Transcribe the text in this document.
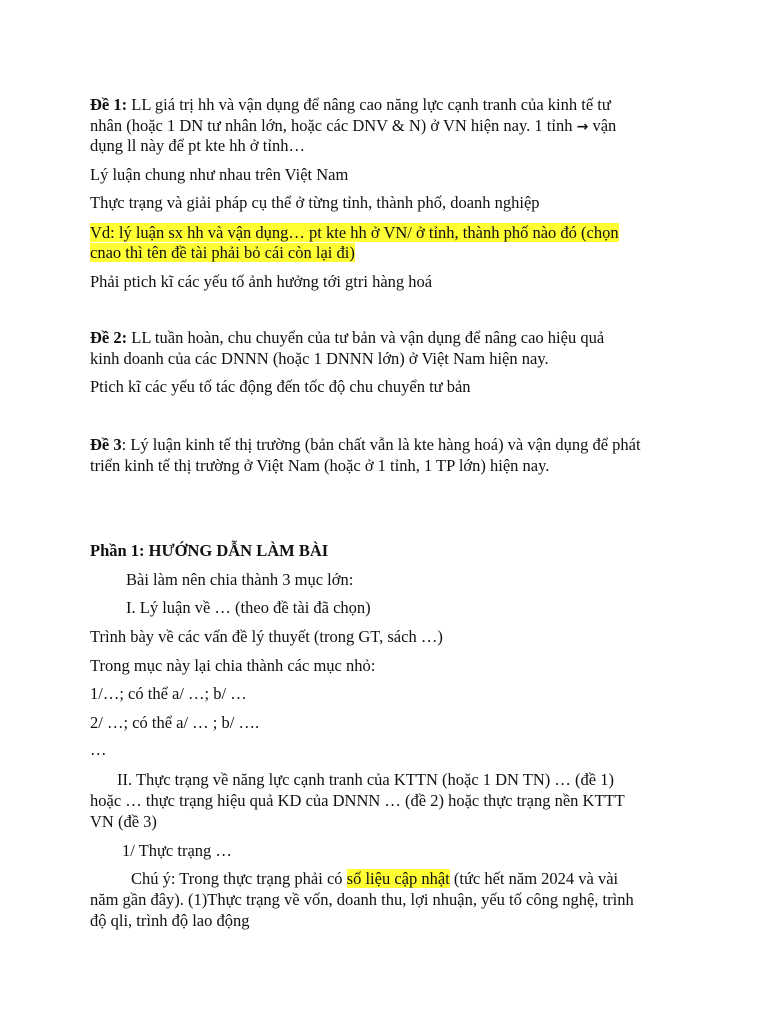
Đề 1: LL giá trị hh và vận dụng để nâng cao năng lực cạnh tranh của kinh tế tư
nhân (hoặc 1 DN tư nhân lớn, hoặc các DNV & N) ở VN hiện nay. 1 tỉnh → vận
dụng ll này để pt kte hh ở tỉnh…
Lý luận chung như nhau trên Việt Nam
Thực trạng và giải pháp cụ thể ở từng tỉnh, thành phố, doanh nghiệp
Vd: lý luận sx hh và vận dụng… pt kte hh ở VN/ ở tỉnh, thành phố nào đó (chọn
cnao thì tên đề tài phải bỏ cái còn lại đi)
Phải ptich kĩ các yếu tố ảnh hưởng tới gtri hàng hoá
Đề 2: LL tuần hoàn, chu chuyển của tư bản và vận dụng để nâng cao hiệu quả
kinh doanh của các DNNN (hoặc 1 DNNN lớn) ở Việt Nam hiện nay.
Ptich kĩ các yếu tố tác động đến tốc độ chu chuyển tư bản
Đề 3: Lý luận kinh tế thị trường (bản chất vẫn là kte hàng hoá) và vận dụng để phát
triển kinh tế thị trường ở Việt Nam (hoặc ở 1 tỉnh, 1 TP lớn) hiện nay.
Phần 1: HƯỚNG DẪN LÀM BÀI
Bài làm nên chia thành 3 mục lớn:
I. Lý luận về … (theo đề tài đã chọn)
Trình bày về các vấn đề lý thuyết (trong GT, sách …)
Trong mục này lại chia thành các mục nhỏ:
1/…; có thể a/ …; b/ …
2/ …; có thể a/ … ; b/ ….
…
II. Thực trạng về năng lực cạnh tranh của KTTN (hoặc 1 DN TN) … (đề 1)
hoặc … thực trạng hiệu quả KD của DNNN … (đề 2) hoặc thực trạng nền KTTT
VN (đề 3)
1/ Thực trạng …
Chú ý: Trong thực trạng phải có số liệu cập nhật (tức hết năm 2024 và vài
năm gần đây). (1)Thực trạng về vốn, doanh thu, lợi nhuận, yếu tố công nghệ, trình
độ qli, trình độ lao động
